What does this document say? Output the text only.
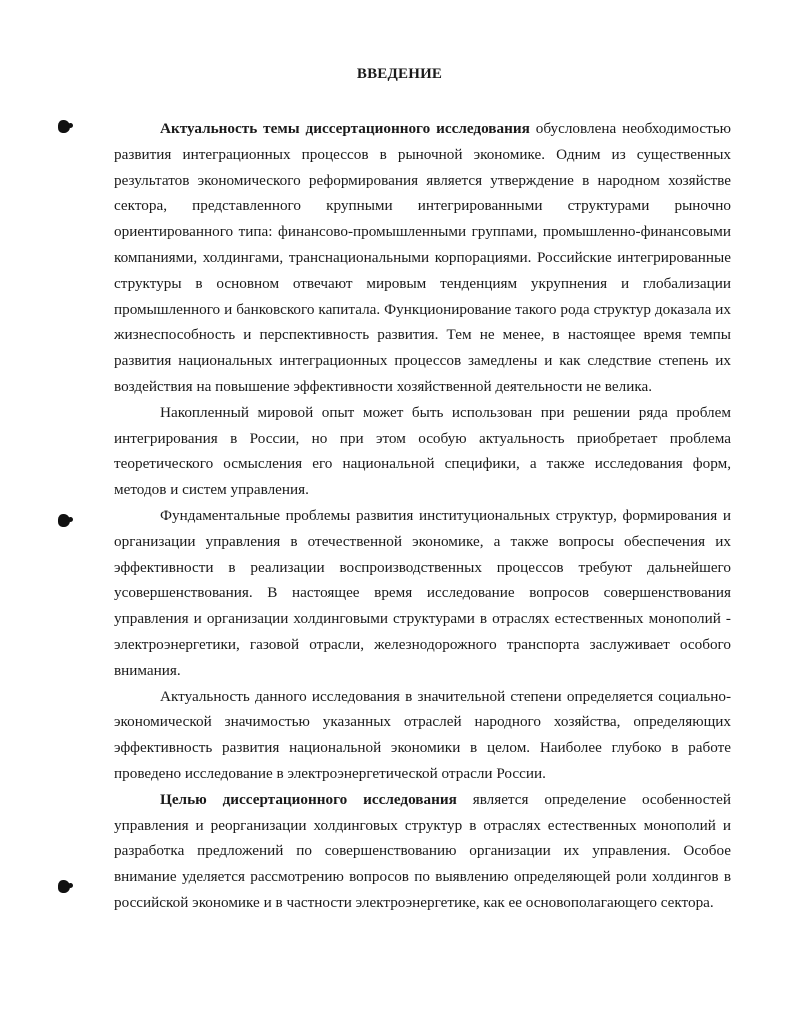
ВВЕДЕНИЕ

Актуальность темы диссертационного исследования обусловлена необходимостью развития интеграционных процессов в рыночной экономике. Одним из существенных результатов экономического реформирования является утверждение в народном хозяйстве сектора, представленного крупными интегрированными структурами рыночно ориентированного типа: финансово-промышленными группами, промышленно-финансовыми компаниями, холдингами, транснациональными корпорациями. Российские интегрированные структуры в основном отвечают мировым тенденциям укрупнения и глобализации промышленного и банковского капитала. Функционирование такого рода структур доказала их жизнеспособность и перспективность развития. Тем не менее, в настоящее время темпы развития национальных интеграционных процессов замедлены и как следствие степень их воздействия на повышение эффективности хозяйственной деятельности не велика.

Накопленный мировой опыт может быть использован при решении ряда проблем интегрирования в России, но при этом особую актуальность приобретает проблема теоретического осмысления его национальной специфики, а также исследования форм, методов и систем управления.

Фундаментальные проблемы развития институциональных структур, формирования и организации управления в отечественной экономике, а также вопросы обеспечения их эффективности в реализации воспроизводственных процессов требуют дальнейшего усовершенствования. В настоящее время исследование вопросов совершенствования управления и организации холдинговыми структурами в отраслях естественных монополий - электроэнергетики, газовой отрасли, железнодорожного транспорта заслуживает особого внимания.

Актуальность данного исследования в значительной степени определяется социально-экономической значимостью указанных отраслей народного хозяйства, определяющих эффективность развития национальной экономики в целом. Наиболее глубоко в работе проведено исследование в электроэнергетической отрасли России.

Целью диссертационного исследования является определение особенностей управления и реорганизации холдинговых структур в отраслях естественных монополий и разработка предложений по совершенствованию организации их управления. Особое внимание уделяется рассмотрению вопросов по выявлению определяющей роли холдингов в российской экономике и в частности электроэнергетике, как ее основополагающего сектора.
